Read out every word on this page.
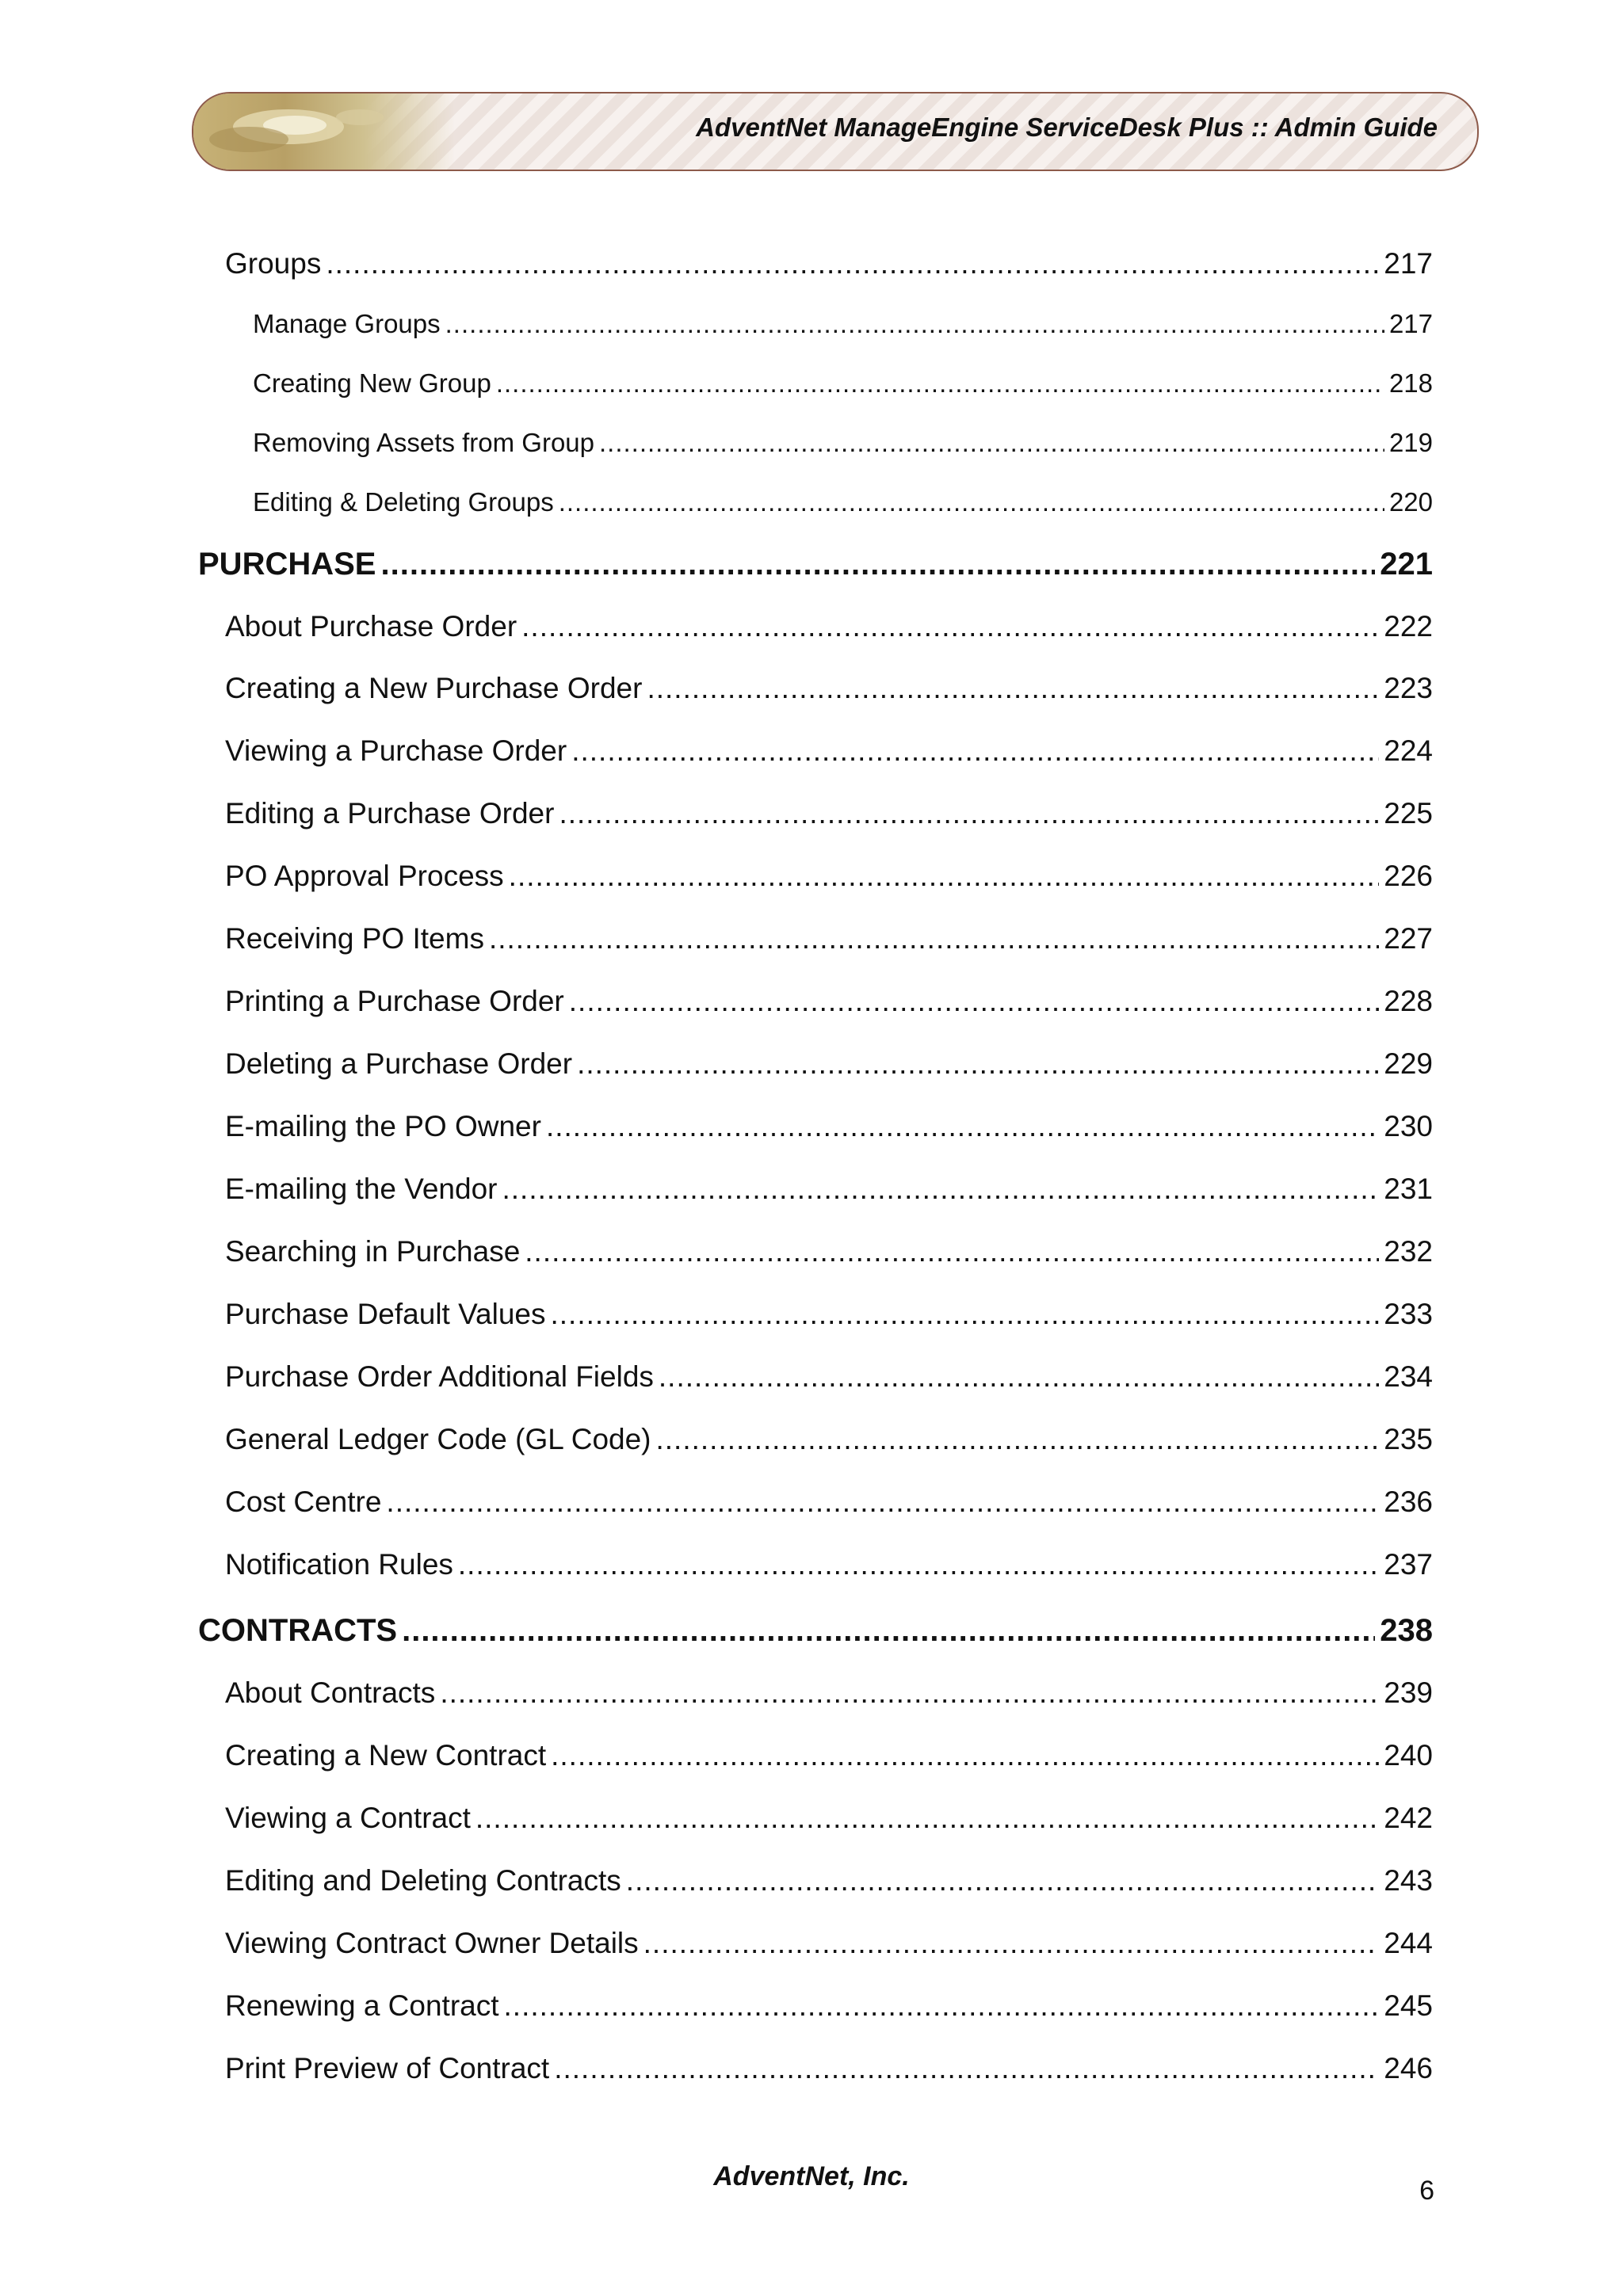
AdventNet ManageEngine ServiceDesk Plus :: Admin Guide
Groups .....	217
Manage Groups .....	217
Creating New Group .....	218
Removing Assets from Group .....	219
Editing & Deleting Groups .....	220
PURCHASE .....	221
About Purchase Order .....	222
Creating a New Purchase Order .....	223
Viewing a Purchase Order .....	224
Editing a Purchase Order .....	225
PO Approval Process .....	226
Receiving PO Items .....	227
Printing a Purchase Order .....	228
Deleting a Purchase Order .....	229
E-mailing the PO Owner .....	230
E-mailing the Vendor .....	231
Searching in Purchase .....	232
Purchase Default Values .....	233
Purchase Order Additional Fields .....	234
General Ledger Code (GL Code) .....	235
Cost Centre .....	236
Notification Rules .....	237
CONTRACTS .....	238
About Contracts .....	239
Creating a New Contract .....	240
Viewing a Contract .....	242
Editing and Deleting Contracts .....	243
Viewing Contract Owner Details .....	244
Renewing a Contract .....	245
Print Preview of Contract .....	246
AdventNet, Inc.	6
